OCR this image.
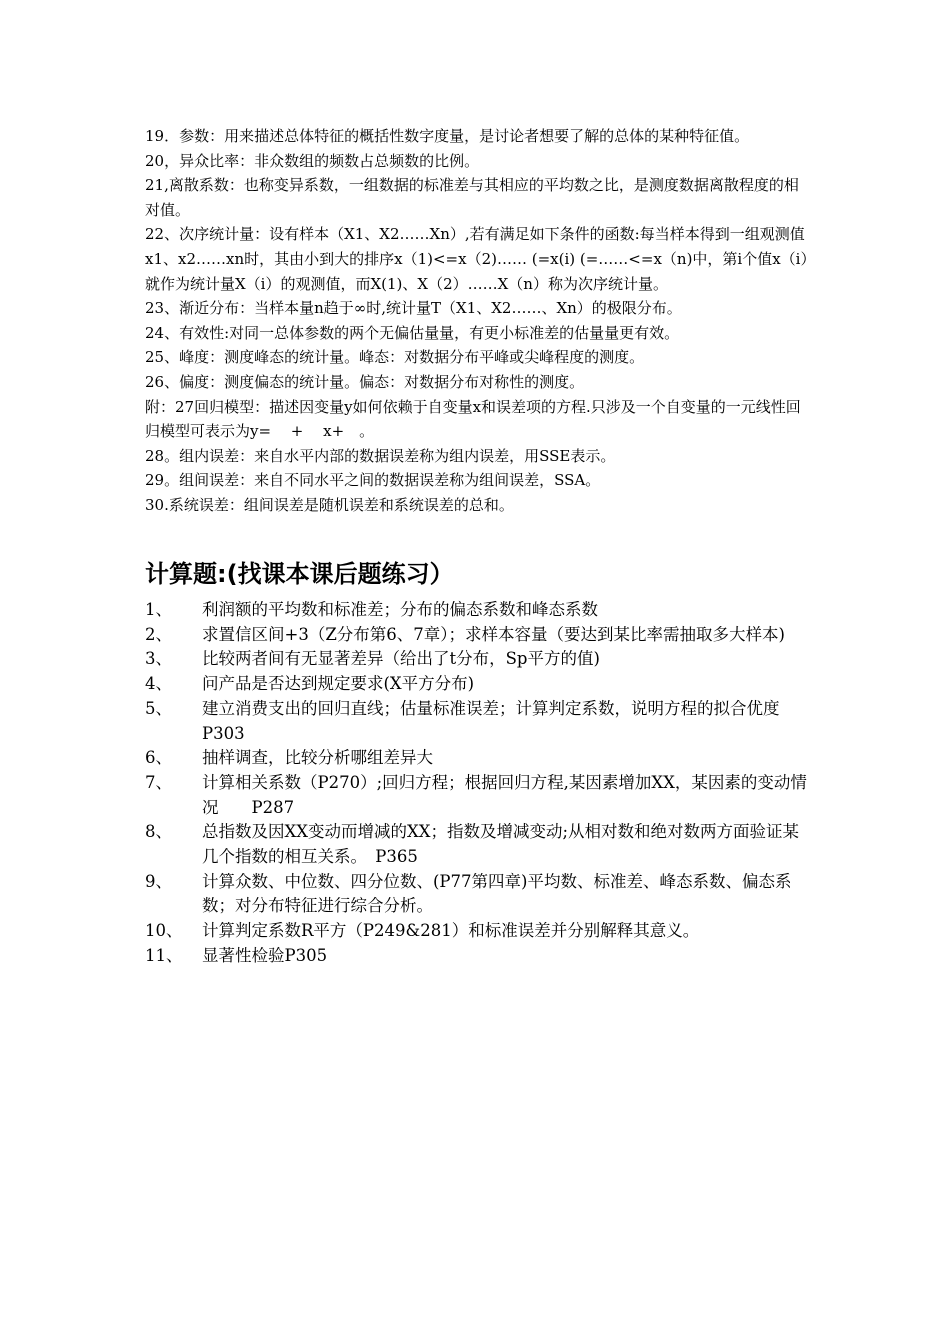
19．参数：用来描述总体特征的概括性数字度量，是讨论者想要了解的总体的某种特征值。

20，异众比率：非众数组的频数占总频数的比例。

21,离散系数：也称变异系数，一组数据的标准差与其相应的平均数之比，是测度数据离散程度的相对值。

22、次序统计量：设有样本（X1、X2……Xn）,若有满足如下条件的函数:每当样本得到一组观测值x1、x2……xn时，其由小到大的排序x（1)<=x（2)…… (=x(i) (=……<=x（n)中，第i个值x（i）就作为统计量X（i）的观测值，而X(1)、X（2）……X（n）称为次序统计量。

23、渐近分布：当样本量n趋于∞时,统计量T（X1、X2……、Xn）的极限分布。

24、有效性:对同一总体参数的两个无偏估量量，有更小标准差的估量量更有效。

25、峰度：测度峰态的统计量。峰态：对数据分布平峰或尖峰程度的测度。

26、偏度：测度偏态的统计量。偏态：对数据分布对称性的测度。

附：27回归模型：描述因变量y如何依赖于自变量x和误差项的方程.只涉及一个自变量的一元线性回归模型可表示为y=　 +　 x+　。

28。组内误差：来自水平内部的数据误差称为组内误差，用SSE表示。

29。组间误差：来自不同水平之间的数据误差称为组间误差，SSA。

30.系统误差：组间误差是随机误差和系统误差的总和。

计算题:(找课本课后题练习）
1、	利润额的平均数和标准差；分布的偏态系数和峰态系数
2、	求置信区间+3（Z分布第6、7章）；求样本容量（要达到某比率需抽取多大样本)
3、	比较两者间有无显著差异（给出了t分布，Sp平方的值)
4、	问产品是否达到规定要求(X平方分布)
5、	建立消费支出的回归直线；估量标准误差；计算判定系数，说明方程的拟合优度P303
6、	抽样调查，比较分析哪组差异大
7、	计算相关系数（P270）;回归方程；根据回归方程,某因素增加XX，某因素的变动情况　　P287
8、	总指数及因XX变动而增减的XX；指数及增减变动;从相对数和绝对数两方面验证某几个指数的相互关系。　P365
9、	计算众数、中位数、四分位数、(P77第四章)平均数、标准差、峰态系数、偏态系数；对分布特征进行综合分析。
10、	计算判定系数R平方（P249&281）和标准误差并分别解释其意义。
11、	显著性检验P305
